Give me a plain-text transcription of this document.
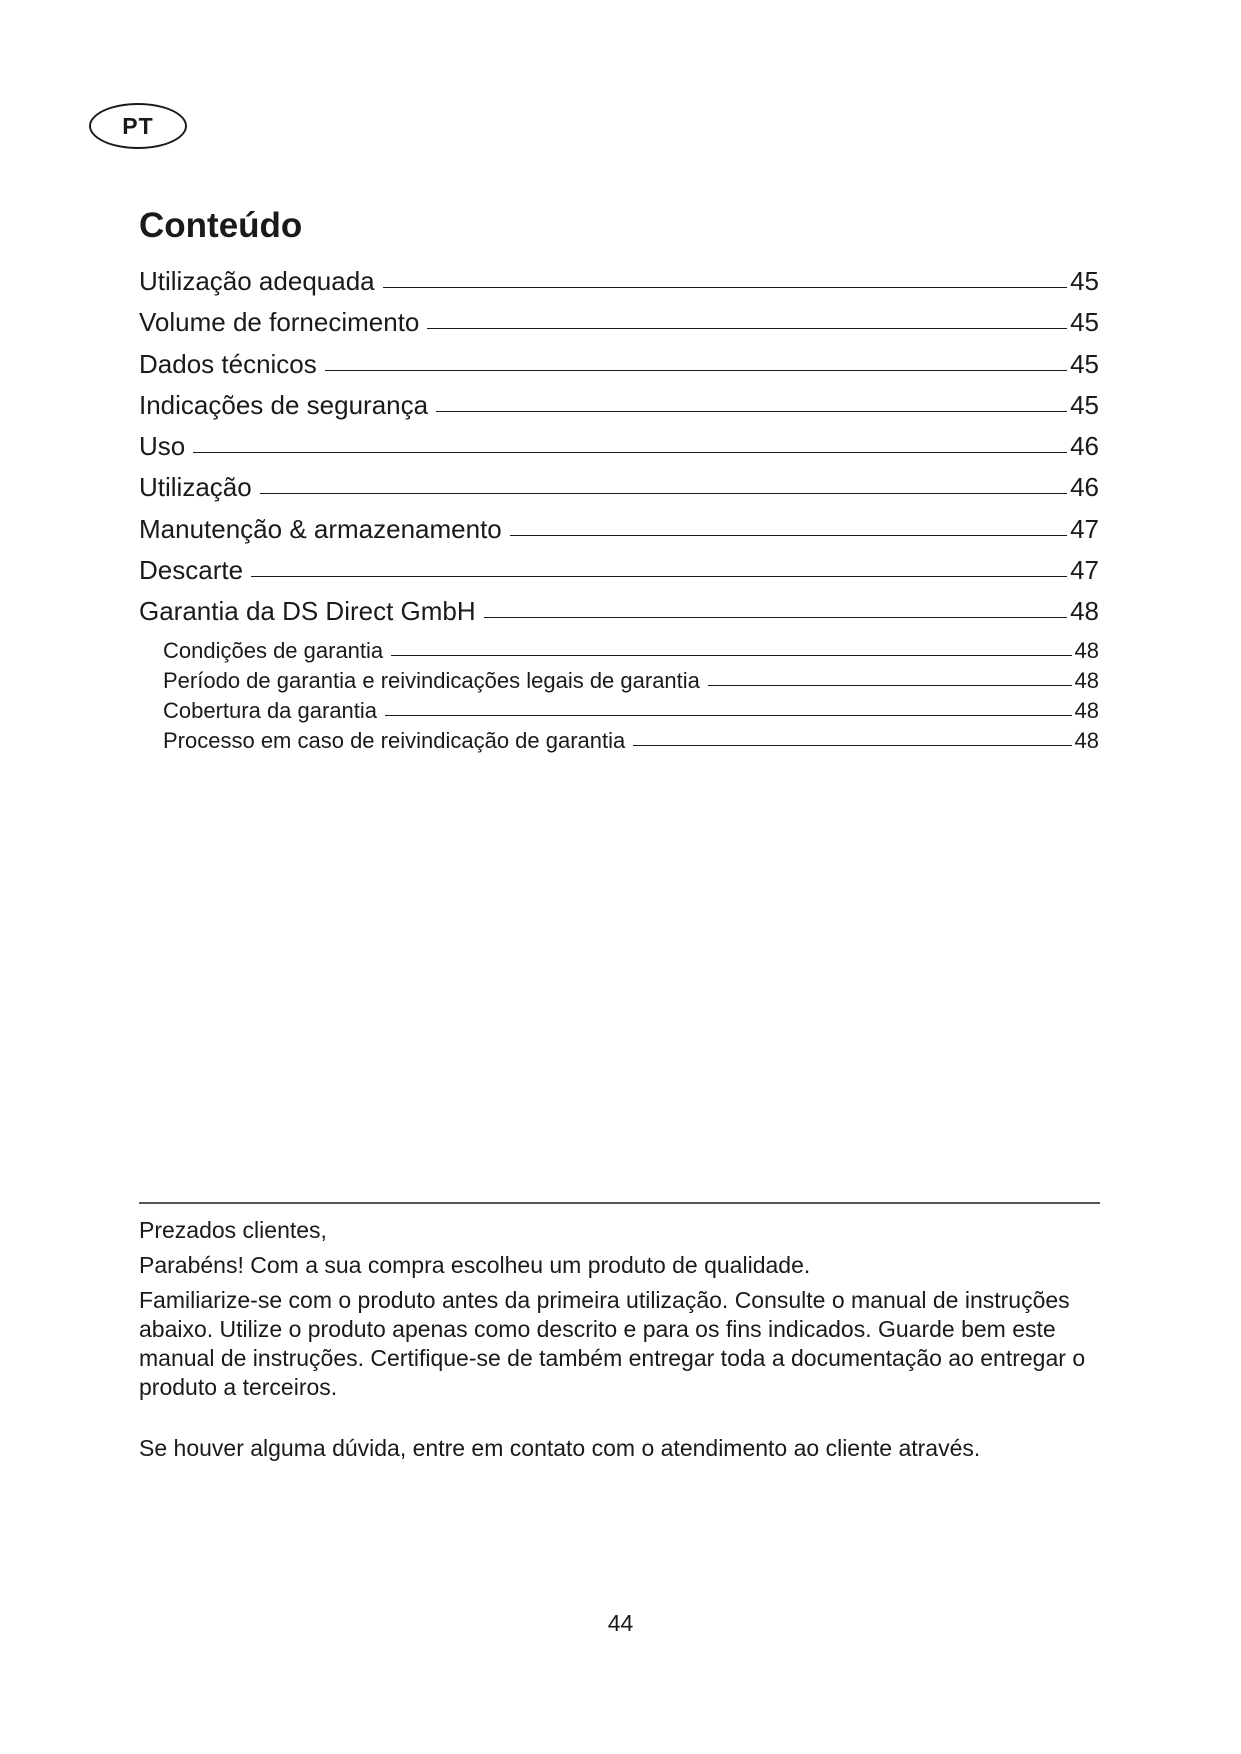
PT
Conteúdo
Utilização adequada	45
Volume de fornecimento	45
Dados técnicos	45
Indicações de segurança	45
Uso	46
Utilização	46
Manutenção & armazenamento	47
Descarte	47
Garantia da DS Direct GmbH	48
Condições de garantia	48
Período de garantia e reivindicações legais de garantia	48
Cobertura da garantia	48
Processo em caso de reivindicação de garantia	48

Prezados clientes,

Parabéns! Com a sua compra escolheu um produto de qualidade.

Familiarize-se com o produto antes da primeira utilização. Consulte o manual de instruções abaixo. Utilize o produto apenas como descrito e para os fins indicados. Guarde bem este manual de instruções. Certifique-se de também entregar toda a documentação ao entregar o produto a terceiros.

Se houver alguma dúvida, entre em contato com o atendimento ao cliente através.

44
